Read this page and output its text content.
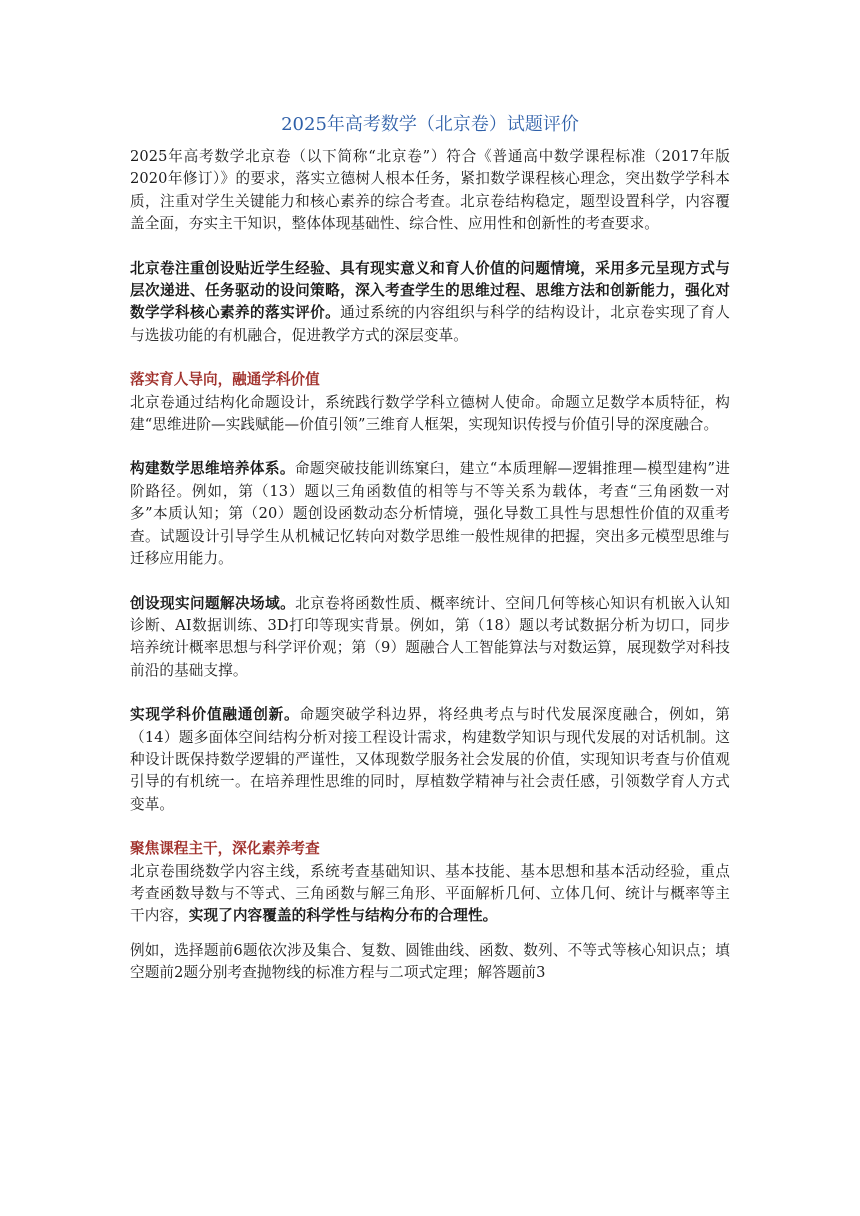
2025年高考数学（北京卷）试题评价

2025年高考数学北京卷（以下简称“北京卷”）符合《普通高中数学课程标准（2017年版2020年修订）》的要求，落实立德树人根本任务，紧扣数学课程核心理念，突出数学学科本质，注重对学生关键能力和核心素养的综合考查。北京卷结构稳定，题型设置科学，内容覆盖全面，夯实主干知识，整体体现基础性、综合性、应用性和创新性的考查要求。

北京卷注重创设贴近学生经验、具有现实意义和育人价值的问题情境，采用多元呈现方式与层次递进、任务驱动的设问策略，深入考查学生的思维过程、思维方法和创新能力，强化对数学学科核心素养的落实评价。通过系统的内容组织与科学的结构设计，北京卷实现了育人与选拔功能的有机融合，促进教学方式的深层变革。

落实育人导向，融通学科价值

北京卷通过结构化命题设计，系统践行数学学科立德树人使命。命题立足数学本质特征，构建“思维进阶—实践赋能—价值引领”三维育人框架，实现知识传授与价值引导的深度融合。

构建数学思维培养体系。命题突破技能训练窠臼，建立“本质理解—逻辑推理—模型建构”进阶路径。例如，第（13）题以三角函数值的相等与不等关系为载体，考查“三角函数一对多”本质认知；第（20）题创设函数动态分析情境，强化导数工具性与思想性价值的双重考查。试题设计引导学生从机械记忆转向对数学思维一般性规律的把握，突出多元模型思维与迁移应用能力。

创设现实问题解决场域。北京卷将函数性质、概率统计、空间几何等核心知识有机嵌入认知诊断、AI数据训练、3D打印等现实背景。例如，第（18）题以考试数据分析为切口，同步培养统计概率思想与科学评价观；第（9）题融合人工智能算法与对数运算，展现数学对科技前沿的基础支撑。

实现学科价值融通创新。命题突破学科边界，将经典考点与时代发展深度融合，例如，第（14）题多面体空间结构分析对接工程设计需求，构建数学知识与现代发展的对话机制。这种设计既保持数学逻辑的严谨性，又体现数学服务社会发展的价值，实现知识考查与价值观引导的有机统一。在培养理性思维的同时，厚植数学精神与社会责任感，引领数学育人方式变革。

聚焦课程主干，深化素养考查

北京卷围绕数学内容主线，系统考查基础知识、基本技能、基本思想和基本活动经验，重点考查函数导数与不等式、三角函数与解三角形、平面解析几何、立体几何、统计与概率等主干内容，实现了内容覆盖的科学性与结构分布的合理性。

例如，选择题前6题依次涉及集合、复数、圆锥曲线、函数、数列、不等式等核心知识点；填空题前2题分别考查抛物线的标准方程与二项式定理；解答题前3
